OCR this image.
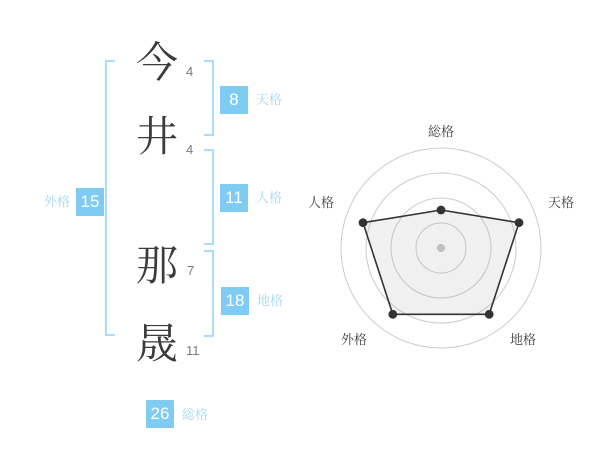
今 4
井 4
那 7
晟 11
外格 15
8	天格
11	人格
18 地格
26 総格
総格
天格
地格
外格
人格
